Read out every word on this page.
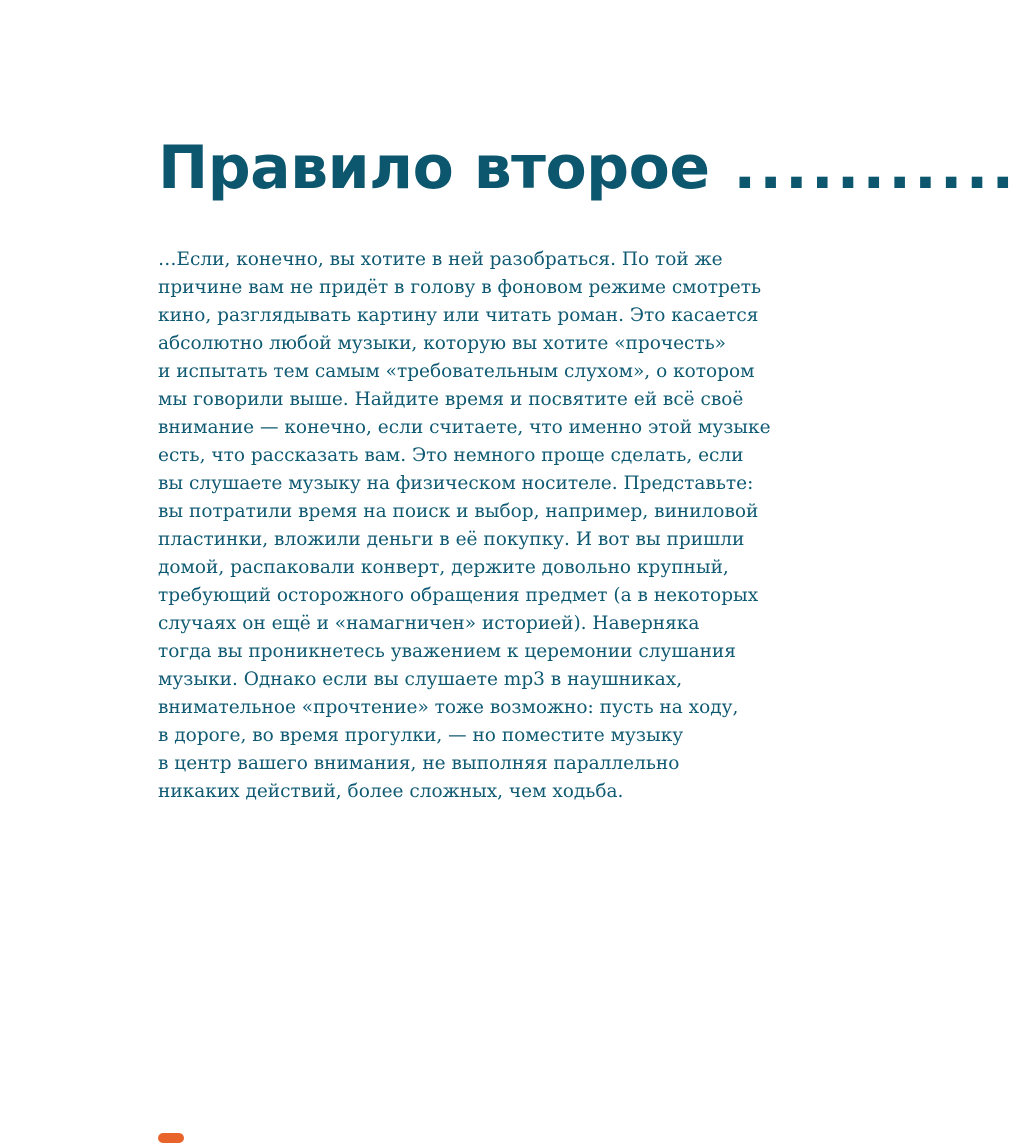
Правило второе ...........
…Если, конечно, вы хотите в ней разобраться. По той же
причине вам не придёт в голову в фоновом режиме смотреть
кино, разглядывать картину или читать роман. Это касается
абсолютно любой музыки, которую вы хотите «прочесть»
и испытать тем самым «требовательным слухом», о котором
мы говорили выше. Найдите время и посвятите ей всё своё
внимание — конечно, если считаете, что именно этой музыке
есть, что рассказать вам. Это немного проще сделать, если
вы слушаете музыку на физическом носителе. Представьте:
вы потратили время на поиск и выбор, например, виниловой
пластинки, вложили деньги в её покупку. И вот вы пришли
домой, распаковали конверт, держите довольно крупный,
требующий осторожного обращения предмет (а в некоторых
случаях он ещё и «намагничен» историей). Наверняка
тогда вы проникнетесь уважением к церемонии слушания
музыки. Однако если вы слушаете mp3 в наушниках,
внимательное «прочтение» тоже возможно: пусть на ходу,
в дороге, во время прогулки, — но поместите музыку
в центр вашего внимания, не выполняя параллельно
никаких действий, более сложных, чем ходьба.
